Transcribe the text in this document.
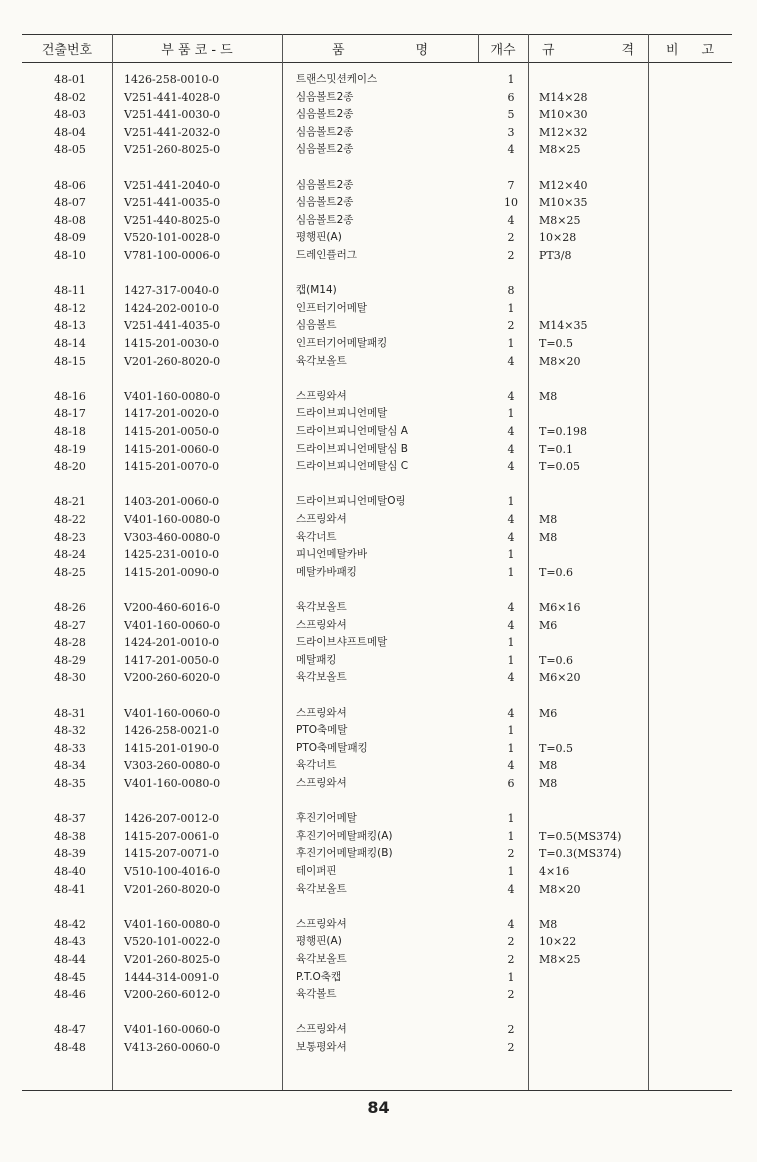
건출번호	부 품 코 - 드	품	명	개수	규	격 비 고
48-01	1426-258-0010-0	트랜스밋션케이스	1
48-02	V251-441-4028-0	심음볼트2종	6	M14×28
48-03	V251-441-0030-0	심음볼트2종	5	M10×30
48-04	V251-441-2032-0	심음볼트2종	3	M12×32
48-05	V251-260-8025-0	심음볼트2종	4	M8×25
48-06	V251-441-2040-0	심음볼트2종	7	M12×40
48-07	V251-441-0035-0	심음볼트2종	10	M10×35
48-08	V251-440-8025-0	심음볼트2종	4	M8×25
48-09	V520-101-0028-0	평행핀(A)	2	10×28
48-10	V781-100-0006-0	드레인플러그	2	PT3/8
48-11	1427-317-0040-0	캡(M14)	8
48-12	1424-202-0010-0	인프터기어메탈	1
48-13	V251-441-4035-0	심음볼트	2	M14×35
48-14	1415-201-0030-0	인프터기어메탈패킹	1	T=0.5
48-15	V201-260-8020-0	육각보올트	4	M8×20
48-16	V401-160-0080-0	스프링와셔	4	M8
48-17	1417-201-0020-0	드라이브피니언메탈	1
48-18	1415-201-0050-0	드라이브피니언메탈심 A	4	T=0.198
48-19	1415-201-0060-0	드라이브피니언메탈심 B	4	T=0.1
48-20	1415-201-0070-0	드라이브피니언메탈심 C	4	T=0.05
48-21	1403-201-0060-0	드라이브피니언메탈O링	1
48-22	V401-160-0080-0	스프링와셔	4	M8
48-23	V303-460-0080-0	육각너트	4	M8
48-24	1425-231-0010-0	피니언메탈카바	1
48-25	1415-201-0090-0	메탈카바패킹	1	T=0.6
48-26	V200-460-6016-0	육각보올트	4	M6×16
48-27	V401-160-0060-0	스프링와셔	4	M6
48-28	1424-201-0010-0	드라이브샤프트메탈	1
48-29	1417-201-0050-0	메탈패킹	1	T=0.6
48-30	V200-260-6020-0	육각보올트	4	M6×20
48-31	V401-160-0060-0	스프링와셔	4	M6
48-32	1426-258-0021-0	PTO축메탈	1
48-33	1415-201-0190-0	PTO축메탈패킹	1	T=0.5
48-34	V303-260-0080-0	육각너트	4	M8
48-35	V401-160-0080-0	스프링와셔	6	M8
48-37	1426-207-0012-0	후진기어메탈	1
48-38	1415-207-0061-0	후진기어메탈패킹(A)	1	T=0.5(MS374)
48-39	1415-207-0071-0	후진기어메탈패킹(B)	2	T=0.3(MS374)
48-40	V510-100-4016-0	테이퍼핀	1	4×16
48-41	V201-260-8020-0	육각보올트	4	M8×20
48-42	V401-160-0080-0	스프링와셔	4	M8
48-43	V520-101-0022-0	평행핀(A)	2	10×22
48-44	V201-260-8025-0	육각보올트	2	M8×25
48-45	1444-314-0091-0	P.T.O축캡	1
48-46	V200-260-6012-0	육각볼트	2
48-47	V401-160-0060-0	스프링와셔	2
48-48	V413-260-0060-0	보통평와셔	2
84
